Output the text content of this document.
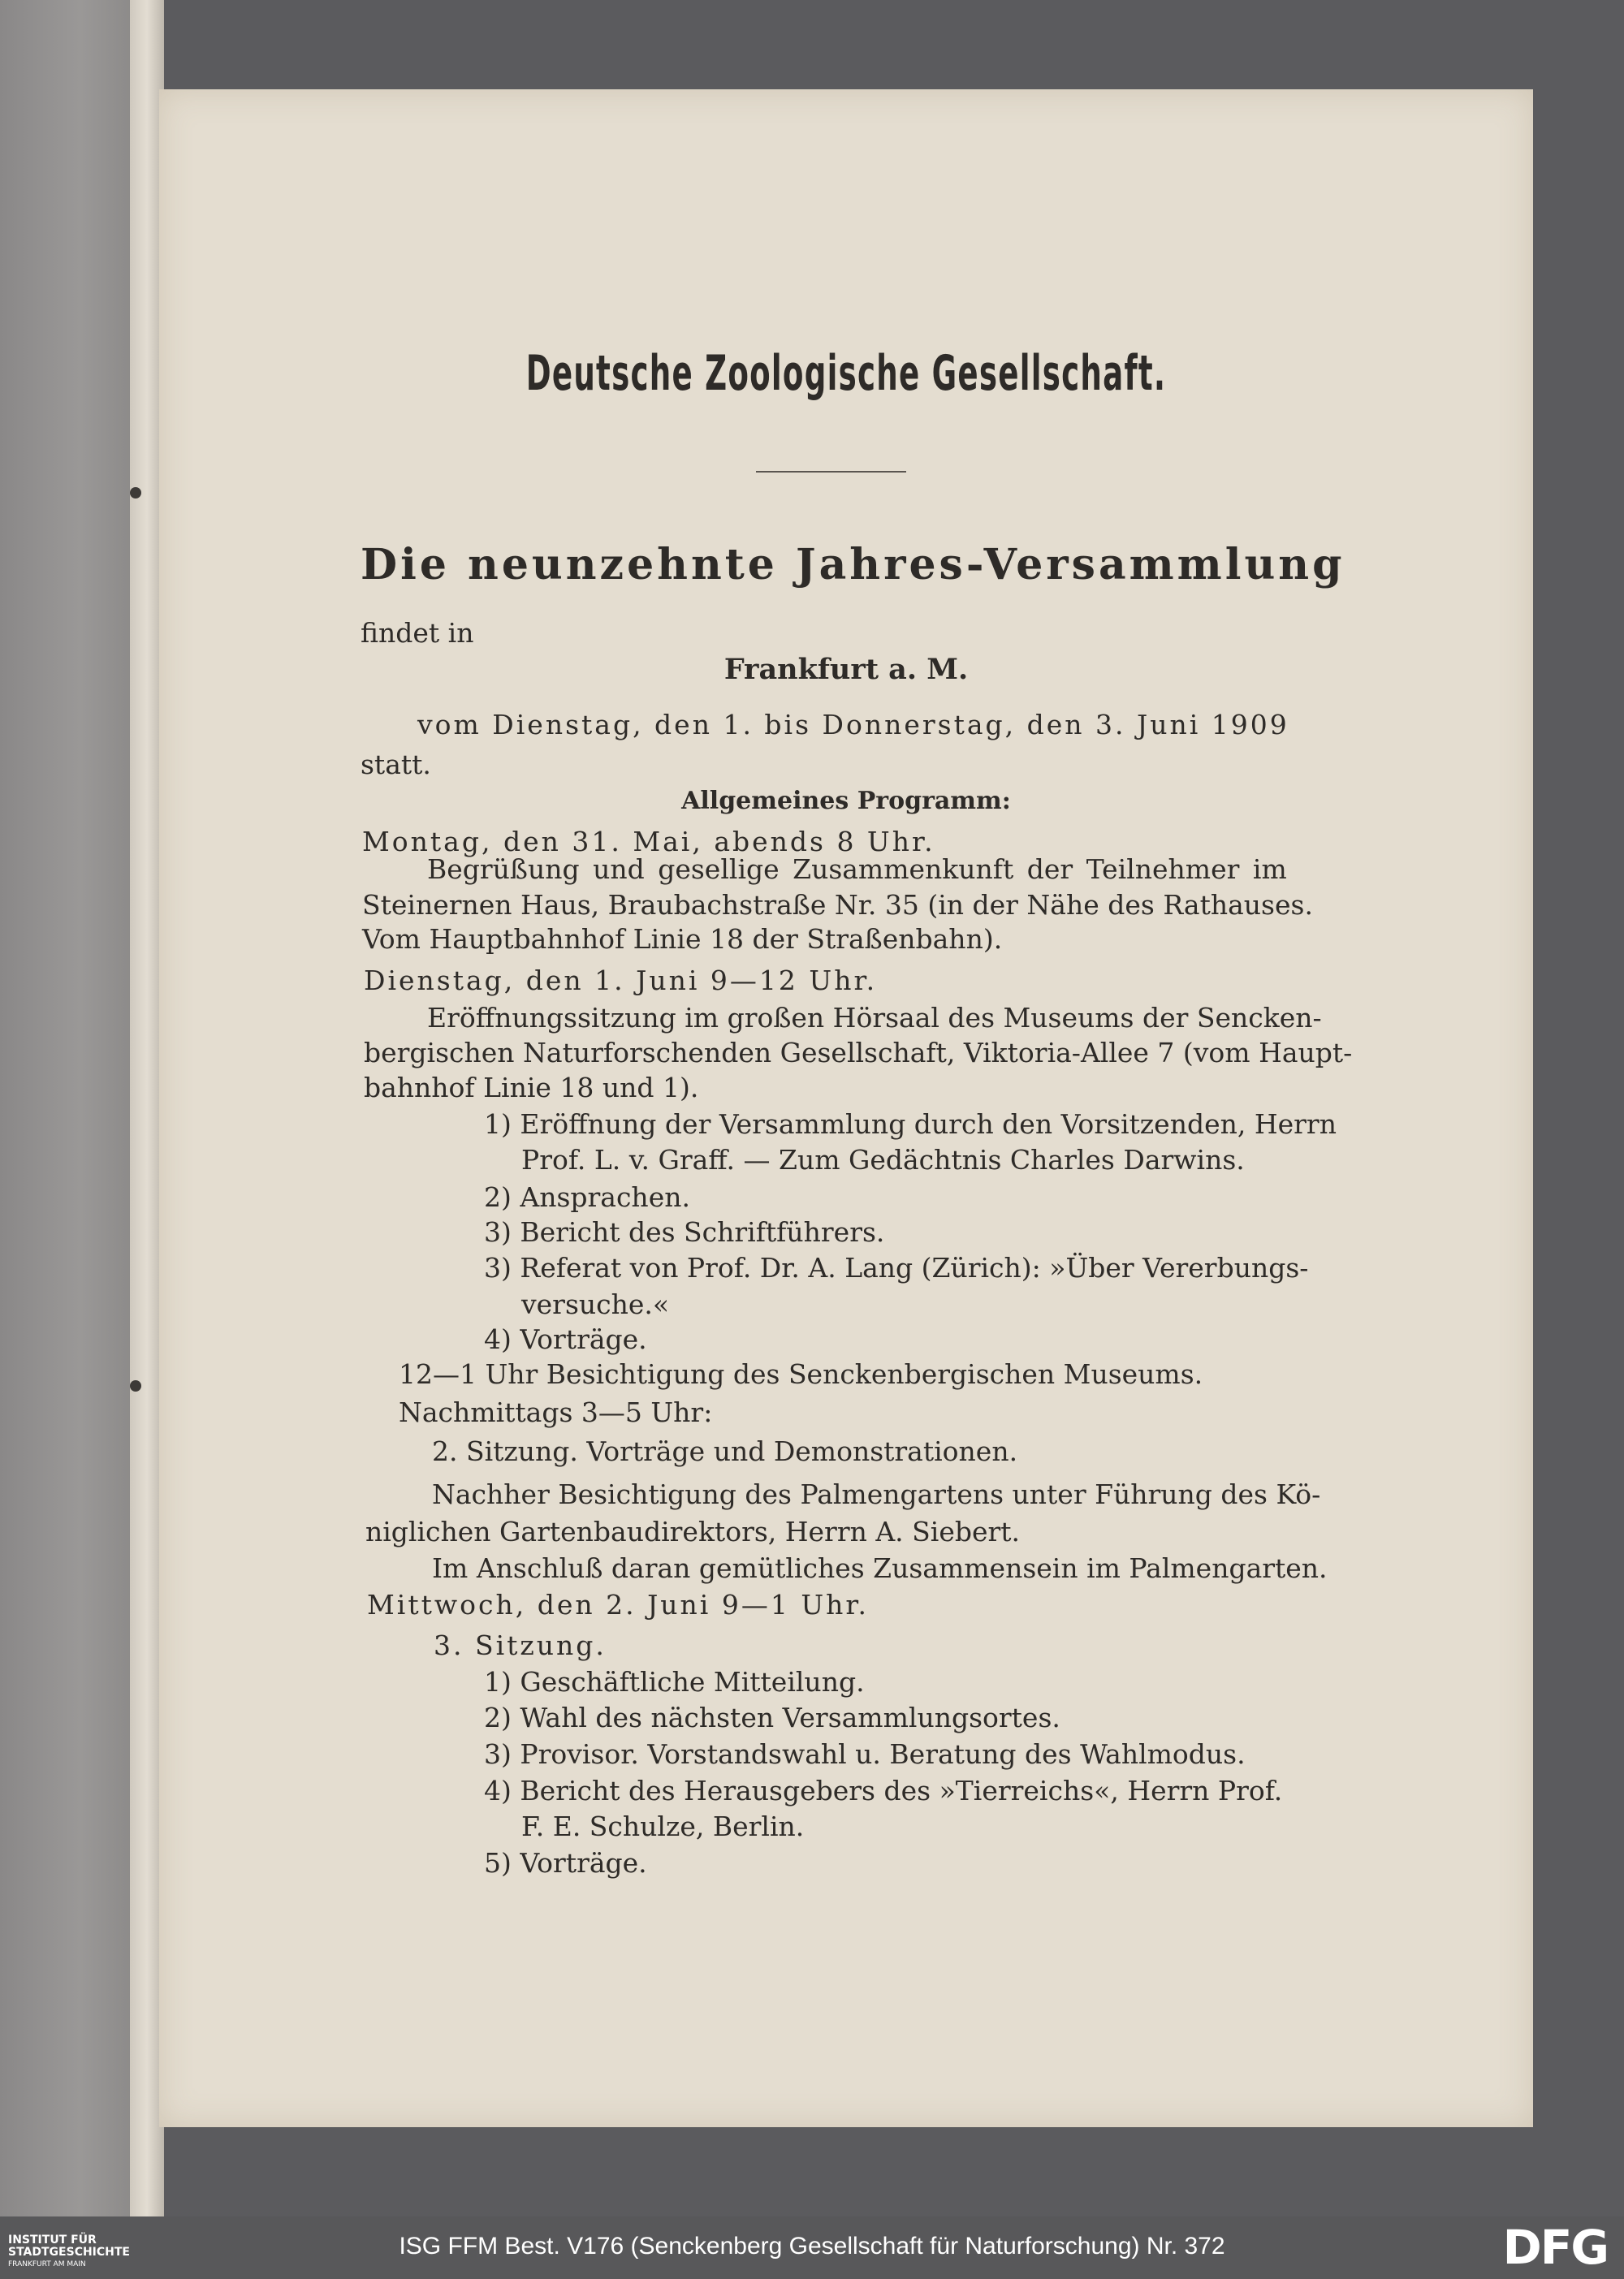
Deutsche Zoologische Gesellschaft.
Die neunzehnte Jahres-Versammlung
findet in
Frankfurt a. M.
vom Dienstag, den 1. bis Donnerstag, den 3. Juni 1909
statt.
Allgemeines Programm:
Montag, den 31. Mai, abends 8 Uhr.
Begrüßung und gesellige Zusammenkunft der Teilnehmer im
Steinernen Haus, Braubachstraße Nr. 35 (in der Nähe des Rathauses.
Vom Hauptbahnhof Linie 18 der Straßenbahn).
Dienstag, den 1. Juni 9—12 Uhr.
Eröffnungssitzung im großen Hörsaal des Museums der Sencken-
bergischen Naturforschenden Gesellschaft, Viktoria-Allee 7 (vom Haupt-
bahnhof Linie 18 und 1).
1) Eröffnung der Versammlung durch den Vorsitzenden, Herrn
Prof. L. v. Graff. — Zum Gedächtnis Charles Darwins.
2) Ansprachen.
3) Bericht des Schriftführers.
3) Referat von Prof. Dr. A. Lang (Zürich): »Über Vererbungs-
versuche.«
4) Vorträge.
12—1 Uhr Besichtigung des Senckenbergischen Museums.
Nachmittags 3—5 Uhr:
2. Sitzung. Vorträge und Demonstrationen.
Nachher Besichtigung des Palmengartens unter Führung des Kö-
niglichen Gartenbaudirektors, Herrn A. Siebert.
Im Anschluß daran gemütliches Zusammensein im Palmengarten.
Mittwoch, den 2. Juni 9—1 Uhr.
3. Sitzung.
1) Geschäftliche Mitteilung.
2) Wahl des nächsten Versammlungsortes.
3) Provisor. Vorstandswahl u. Beratung des Wahlmodus.
4) Bericht des Herausgebers des »Tierreichs«, Herrn Prof.
F. E. Schulze, Berlin.
5) Vorträge.
INSTITUT FÜR
STADTGESCHICHTE
FRANKFURT AM MAIN
ISG FFM Best. V176 (Senckenberg Gesellschaft für Naturforschung) Nr. 372	DFG
